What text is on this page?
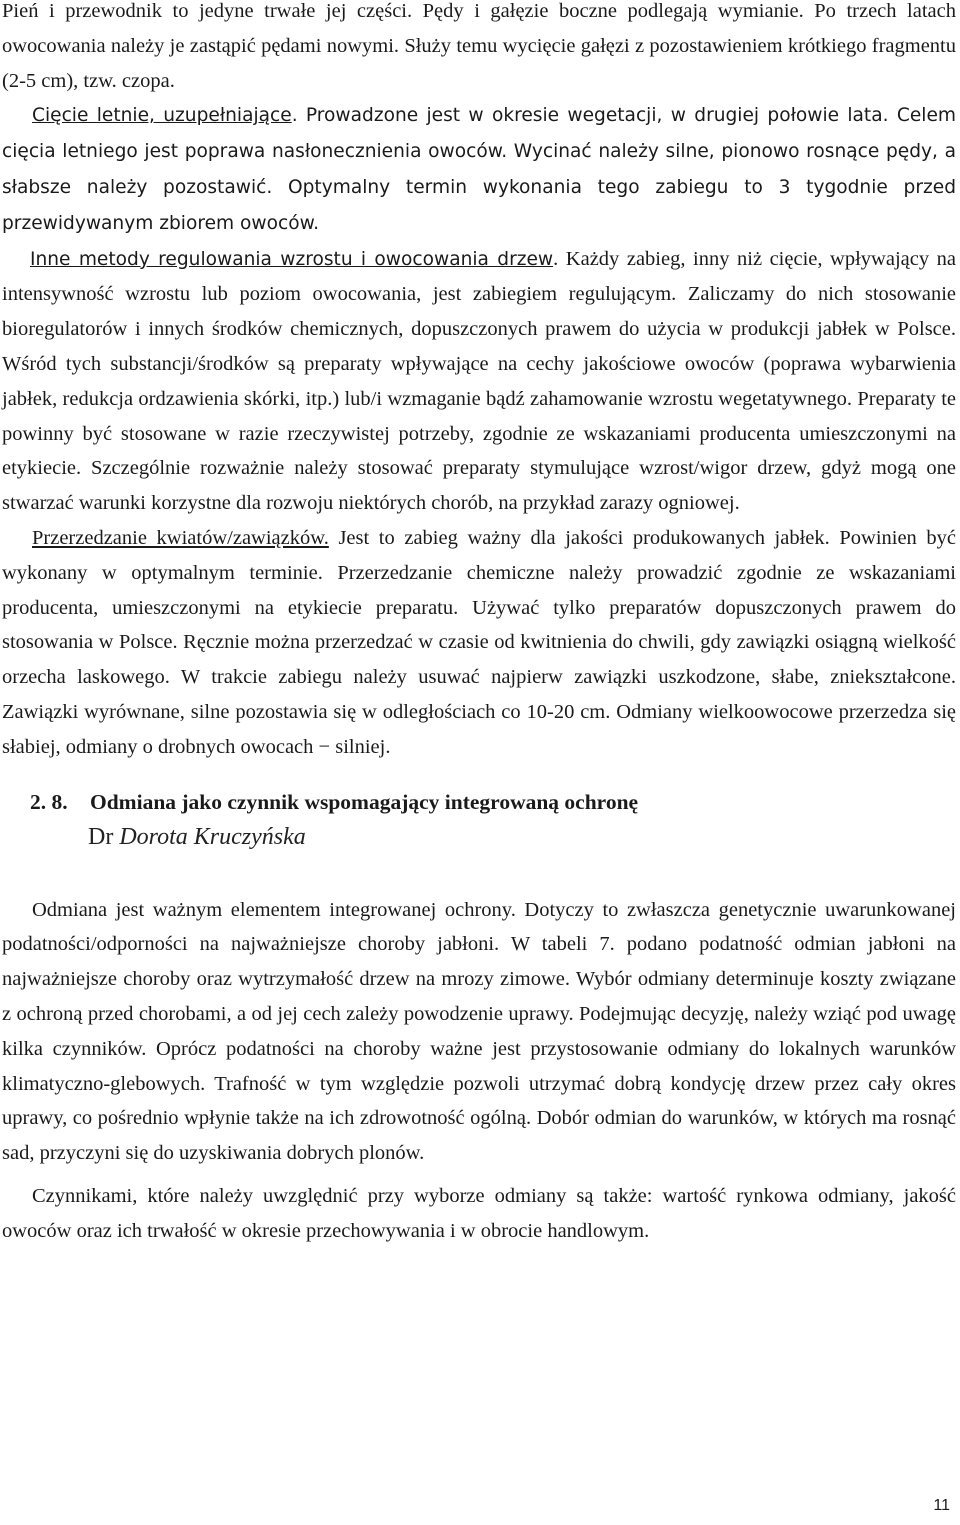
Pień i przewodnik to jedyne trwałe jej części. Pędy i gałęzie boczne podlegają wymianie. Po trzech latach owocowania należy je zastąpić pędami nowymi. Służy temu wycięcie gałęzi z pozostawieniem krótkiego fragmentu (2-5 cm), tzw. czopa.

Cięcie letnie, uzupełniające. Prowadzone jest w okresie wegetacji, w drugiej połowie lata. Celem cięcia letniego jest poprawa nasłonecznienia owoców. Wycinać należy silne, pionowo rosnące pędy, a słabsze należy pozostawić. Optymalny termin wykonania tego zabiegu to 3 tygodnie przed przewidywanym zbiorem owoców.
Inne metody regulowania wzrostu i owocowania drzew. Każdy zabieg, inny niż cięcie, wpływający na intensywność wzrostu lub poziom owocowania, jest zabiegiem regulującym. Zaliczamy do nich stosowanie bioregulatorów i innych środków chemicznych, dopuszczonych prawem do użycia w produkcji jabłek w Polsce. Wśród tych substancji/środków są preparaty wpływające na cechy jakościowe owoców (poprawa wybarwienia jabłek, redukcja ordzawienia skórki, itp.) lub/i wzmaganie bądź zahamowanie wzrostu wegetatywnego. Preparaty te powinny być stosowane w razie rzeczywistej potrzeby, zgodnie ze wskazaniami producenta umieszczonymi na etykiecie. Szczególnie rozważnie należy stosować preparaty stymulujące wzrost/wigor drzew, gdyż mogą one stwarzać warunki korzystne dla rozwoju niektórych chorób, na przykład zarazy ogniowej.

Przerzedzanie kwiatów/zawiązków. Jest to zabieg ważny dla jakości produkowanych jabłek. Powinien być wykonany w optymalnym terminie. Przerzedzanie chemiczne należy prowadzić zgodnie ze wskazaniami producenta, umieszczonymi na etykiecie preparatu. Używać tylko preparatów dopuszczonych prawem do stosowania w Polsce. Ręcznie można przerzedzać w czasie od kwitnienia do chwili, gdy zawiązki osiągną wielkość orzecha laskowego. W trakcie zabiegu należy usuwać najpierw zawiązki uszkodzone, słabe, zniekształcone. Zawiązki wyrównane, silne pozostawia się w odległościach co 10-20 cm. Odmiany wielkoowocowe przerzedza się słabiej, odmiany o drobnych owocach − silniej.

2. 8.	Odmiana jako czynnik wspomagający integrowaną ochronę
Dr Dorota Kruczyńska

Odmiana jest ważnym elementem integrowanej ochrony. Dotyczy to zwłaszcza genetycznie uwarunkowanej podatności/odporności na najważniejsze choroby jabłoni. W tabeli 7. podano podatność odmian jabłoni na najważniejsze choroby oraz wytrzymałość drzew na mrozy zimowe. Wybór odmiany determinuje koszty związane z ochroną przed chorobami, a od jej cech zależy powodzenie uprawy. Podejmując decyzję, należy wziąć pod uwagę kilka czynników. Oprócz podatności na choroby ważne jest przystosowanie odmiany do lokalnych warunków klimatyczno-glebowych. Trafność w tym względzie pozwoli utrzymać dobrą kondycję drzew przez cały okres uprawy, co pośrednio wpłynie także na ich zdrowotność ogólną. Dobór odmian do warunków, w których ma rosnąć sad, przyczyni się do uzyskiwania dobrych plonów.

Czynnikami, które należy uwzględnić przy wyborze odmiany są także: wartość rynkowa odmiany, jakość owoców oraz ich trwałość w okresie przechowywania i w obrocie handlowym.

11
